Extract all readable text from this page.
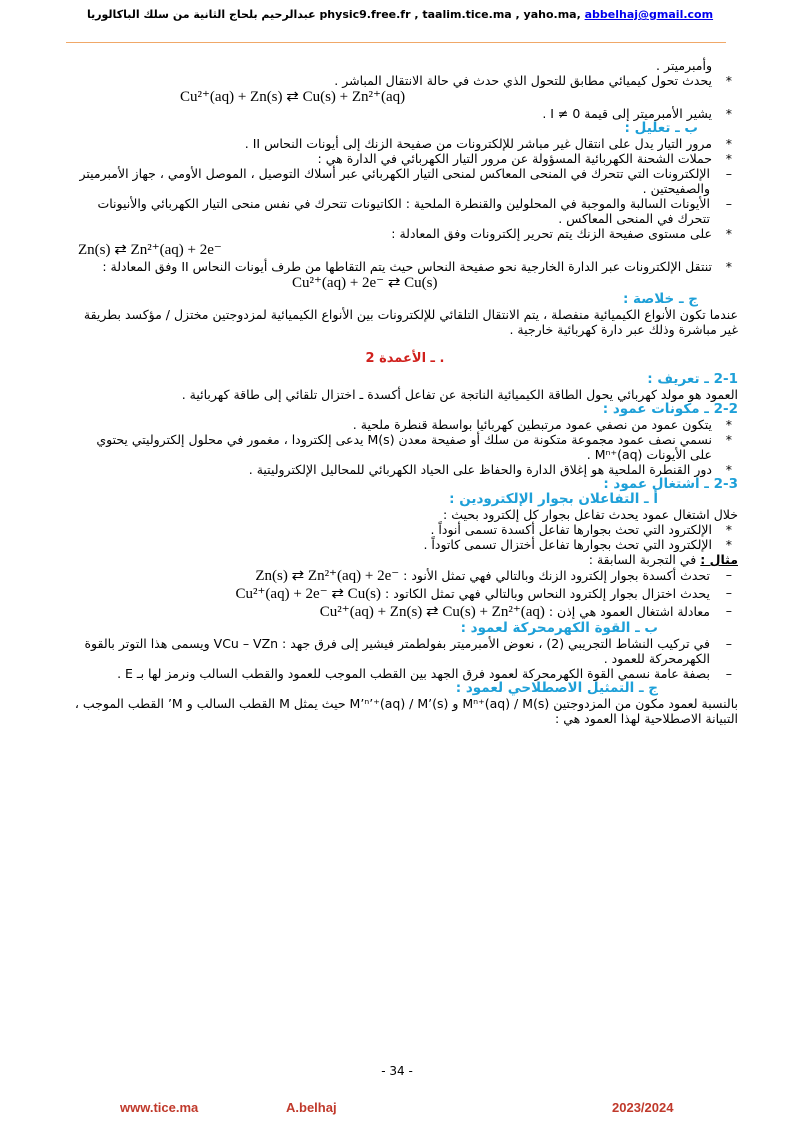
عبدالرحيم بلحاج الثانية من سلك الباكالوريا physic9.free.fr , taalim.tice.ma , yaho.ma, abbelhaj@gmail.com
وأمبرميتر .
* يحدث تحول كيميائي مطابق للتحول الذي حدث في حالة الانتقال المباشر .
Cu²⁺(aq) + Zn(s) ⇄ Cu(s) + Zn²⁺(aq)
* يشير الأمبرميتر إلى قيمة I ≠ 0 .
ب ـ تعليل :
* مرور التيار يدل على انتقال غير مباشر للإلكترونات من صفيحة الزنك إلى أيونات النحاس II .
* حملات الشحنة الكهربائية المسؤولة عن مرور التيار الكهربائي في الدارة هي :
– الإلكترونات التي تتحرك في المنحى المعاكس لمنحى التيار الكهربائي عبر أسلاك التوصيل ، الموصل الأومي ، جهاز الأمبرميتر والصفيحتين .
– الأيونات السالبة والموجبة في المحلولين والقنطرة الملحية : الكاتيونات تتحرك في نفس منحى التيار الكهربائي والأنيونات تتحرك في المنحى المعاكس .
* على مستوى صفيحة الزنك يتم تحرير إلكترونات وفق المعادلة :
Zn(s) ⇄ Zn²⁺(aq) + 2e⁻
* تنتقل الإلكترونات عبر الدارة الخارجية نحو صفيحة النحاس حيث يتم التقاطها من طرف أيونات النحاس II وفق المعادلة :
Cu²⁺(aq) + 2e⁻ ⇄ Cu(s)
ج ـ خلاصة :
عندما تكون الأنواع الكيميائية منفصلة ، يتم الانتقال التلقائي للإلكترونات بين الأنواع الكيميائية لمزدوجتين مختزل / مؤكسد بطريقة غير مباشرة وذلك عبر دارة كهربائية خارجية .
2 ـ الأعمدة .
2-1 ـ تعريف :
العمود هو مولد كهربائي يحول الطاقة الكيميائية الناتجة عن تفاعل أكسدة ـ اختزال تلقائي إلى طاقة كهربائية .
2-2 ـ مكونات عمود :
* يتكون عمود من نصفي عمود مرتبطين كهربائيا بواسطة قنطرة ملحية .
* نسمي نصف عمود مجموعة متكونة من سلك أو صفيحة معدن M(s) يدعى إلكترودا ، مغمور في محلول إلكتروليتي يحتوي على الأيونات Mⁿ⁺(aq) .
* دور القنطرة الملحية هو إغلاق الدارة والحفاظ على الحياد الكهربائي للمحاليل الإلكتروليتية .
2-3 ـ اشتغال عمود :
أ ـ التفاعلان بجوار الإلكترودين :
خلال اشتغال عمود يحدث تفاعل بجوار كل إلكترود بحيث :
* الإلكترود التي تحث بجوارها تفاعل أكسدة تسمى أنوداً .
* الإلكترود التي تحث بجوارها تفاعل أختزال تسمى كاتوداً .
مثال : في التجربة السابقة :
– تحدث أكسدة بجوار إلكترود الزنك وبالتالي فهي تمثل الأنود : Zn(s) ⇄ Zn²⁺(aq) + 2e⁻
– يحدث اختزال بجوار إلكترود النحاس وبالتالي فهي تمثل الكاتود : Cu²⁺(aq) + 2e⁻ ⇄ Cu(s)
– معادلة اشتغال العمود هي إذن : Cu²⁺(aq) + Zn(s) ⇄ Cu(s) + Zn²⁺(aq)
ب ـ القوة الكهرمحركة لعمود :
– في تركيب النشاط التجريبي (2) ، نعوض الأمبرميتر بفولطمتر فيشير إلى فرق جهد : VCu – VZn ويسمى هذا التوتر بالقوة الكهرمحركة للعمود .
– بصفة عامة نسمي القوة الكهرمحركة لعمود فرق الجهد بين القطب الموجب للعمود والقطب السالب ونرمز لها بـ E .
ج ـ التمثيل الاصطلاحي لعمود :
بالنسبة لعمود مكون من المزدوجتين Mⁿ⁺(aq) / M(s) و M’ⁿ’⁺(aq) / M’(s) حيث يمثل M القطب السالب و M’ القطب الموجب ، التبيانة الاصطلاحية لهذا العمود هي :
- 34 -
www.tice.ma	A.belhaj	2023/2024
